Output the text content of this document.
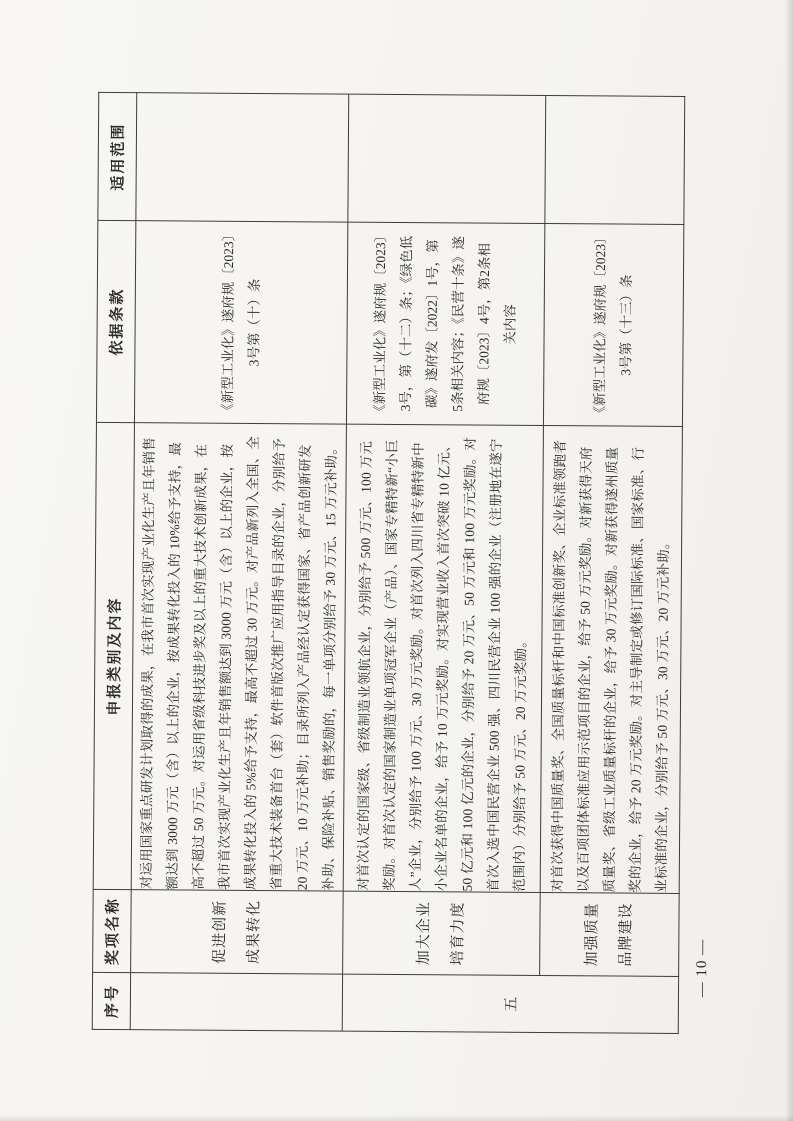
序号	奖项名称	申报类别及内容	依据条款	适用范围
	促进创新
成果转化	对运用国家重点研发计划取得的成果，在我市首次实现产业化生产且年销售
额达到 3000 万元（含）以上的企业，按成果转化投入的 10%给予支持，最
高不超过 50 万元。对运用省级科技进步奖及以上的重大技术创新成果，在
我市首次实现产业化生产且年销售额达到 3000 万元（含）以上的企业，按
成果转化投入的 5%给予支持，最高不超过 30 万元。对产品新列入全国、全
省重大技术装备首台（套）软件首版次推广应用指导目录的企业，分别给予
20 万元、10 万元补助；目录所列入产品经认定获得国家、省产品创新研发
补助、保险补贴、销售奖励的，每一单项分别给予 30 万元、15 万元补助。	《新型工业化》遂府规〔2023〕
3号第（十）条	
五	加大企业
培育力度	对首次认定的国家级、省级制造业领航企业，分别给予 500 万元、100 万元
奖励。对首次认定的国家制造业单项冠军企业（产品）、国家专精特新“小巨
人”企业，分别给予 100 万元、30 万元奖励。对首次列入四川省专精特新中
小企业名单的企业，给予 10 万元奖励。对实现营业收入首次突破 10 亿元、
50 亿元和 100 亿元的企业，分别给予 20 万元、50 万元和 100 万元奖励。对
首次入选中国民营企业 500 强、四川民营企业 100 强的企业（注册地在遂宁
范围内）分别给予 50 万元、20 万元奖励。	《新型工业化》遂府规〔2023〕
3号，第（十二）条；《绿色低
碳》遂府发〔2022〕1号，第
5条相关内容；《民营十条》遂
府规〔2023〕4号，第2条相
关内容	
	加强质量
品牌建设	对首次获得中国质量奖、全国质量标杆和中国标准创新奖、企业标准领跑者
以及百项团体标准应用示范项目的企业，给予 50 万元奖励。对新获得天府
质量奖、省级工业质量标杆的企业，给予 30 万元奖励。对新获得遂州质量
奖的企业，给予 20 万元奖励。对主导制定或修订国际标准、国家标准、行
业标准的企业，分别给予 50 万元、30 万元、20 万元补助。	《新型工业化》遂府规〔2023〕
3号第（十三）条	
— 10 —
